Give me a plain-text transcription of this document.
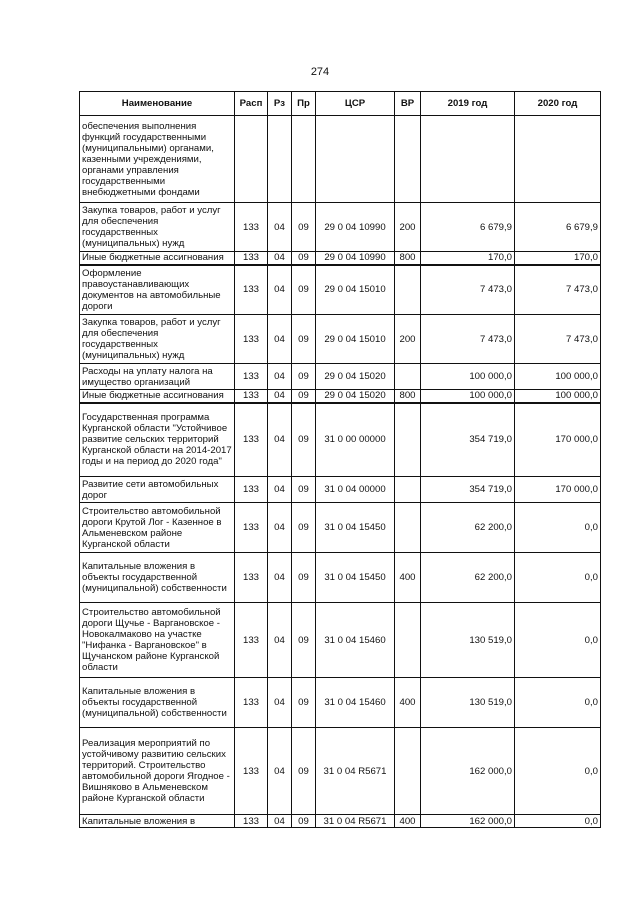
274
Наименование	Расп	Рз	Пр	ЦСР	ВР	2019 год	2020 год
обеспечения выполнения функций государственными (муниципальными) органами, казенными учреждениями, органами управления государственными внебюджетными фондами							
Закупка товаров, работ и услуг для обеспечения государственных (муниципальных) нужд	133	04	09	29 0 04 10990	200	6 679,9	6 679,9
Иные бюджетные ассигнования	133	04	09	29 0 04 10990	800	170,0	170,0
Оформление правоустанавливающих документов на автомобильные дороги	133	04	09	29 0 04 15010		7 473,0	7 473,0
Закупка товаров, работ и услуг для обеспечения государственных (муниципальных) нужд	133	04	09	29 0 04 15010	200	7 473,0	7 473,0
Расходы на уплату налога на имущество организаций	133	04	09	29 0 04 15020		100 000,0	100 000,0
Иные бюджетные ассигнования	133	04	09	29 0 04 15020	800	100 000,0	100 000,0
Государственная программа Курганской области "Устойчивое развитие сельских территорий Курганской области на 2014-2017 годы и на период до 2020 года"	133	04	09	31 0 00 00000		354 719,0	170 000,0
Развитие сети автомобильных дорог	133	04	09	31 0 04 00000		354 719,0	170 000,0
Строительство автомобильной дороги Крутой Лог - Казенное в Альменевском районе Курганской области	133	04	09	31 0 04 15450		62 200,0	0,0
Капитальные вложения в объекты государственной (муниципальной) собственности	133	04	09	31 0 04 15450	400	62 200,0	0,0
Строительство автомобильной дороги Щучье - Варгановское - Новокалмаково на участке "Нифанка - Варгановское" в Щучанском районе Курганской области	133	04	09	31 0 04 15460		130 519,0	0,0
Капитальные вложения в объекты государственной (муниципальной) собственности	133	04	09	31 0 04 15460	400	130 519,0	0,0
Реализация мероприятий по устойчивому развитию сельских территорий. Строительство автомобильной дороги Ягодное - Вишняково в Альменевском районе Курганской области	133	04	09	31 0 04 R5671		162 000,0	0,0
Капитальные вложения в	133	04	09	31 0 04 R5671	400	162 000,0	0,0
